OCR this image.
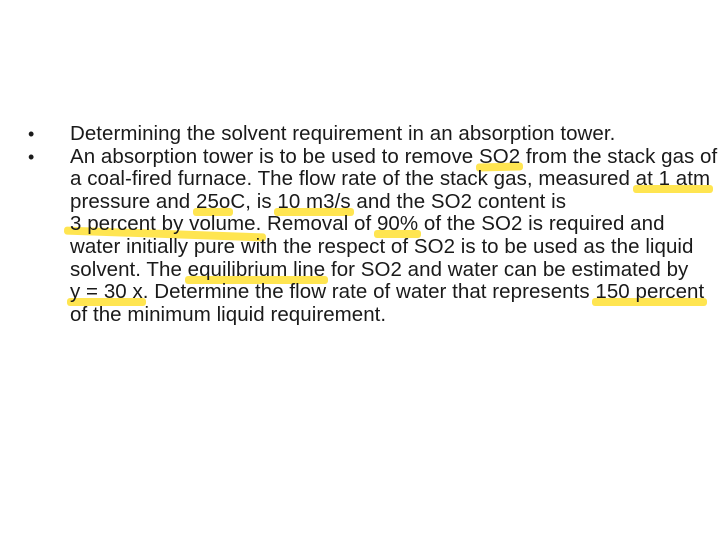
•	Determining the solvent requirement in an absorption tower.
•	An absorption tower is to be used to remove SO2 from the stack gas of a coal-fired furnace. The flow rate of the stack gas, measured at 1 atm pressure and 25oC, is 10 m3/s and the SO2 content is 3 percent by volume. Removal of 90% of the SO2 is required and water initially pure with the respect of SO2 is to be used as the liquid solvent. The equilibrium line for SO2 and water can be estimated by y = 30 x. Determine the flow rate of water that represents 150 percent of the minimum liquid requirement.
